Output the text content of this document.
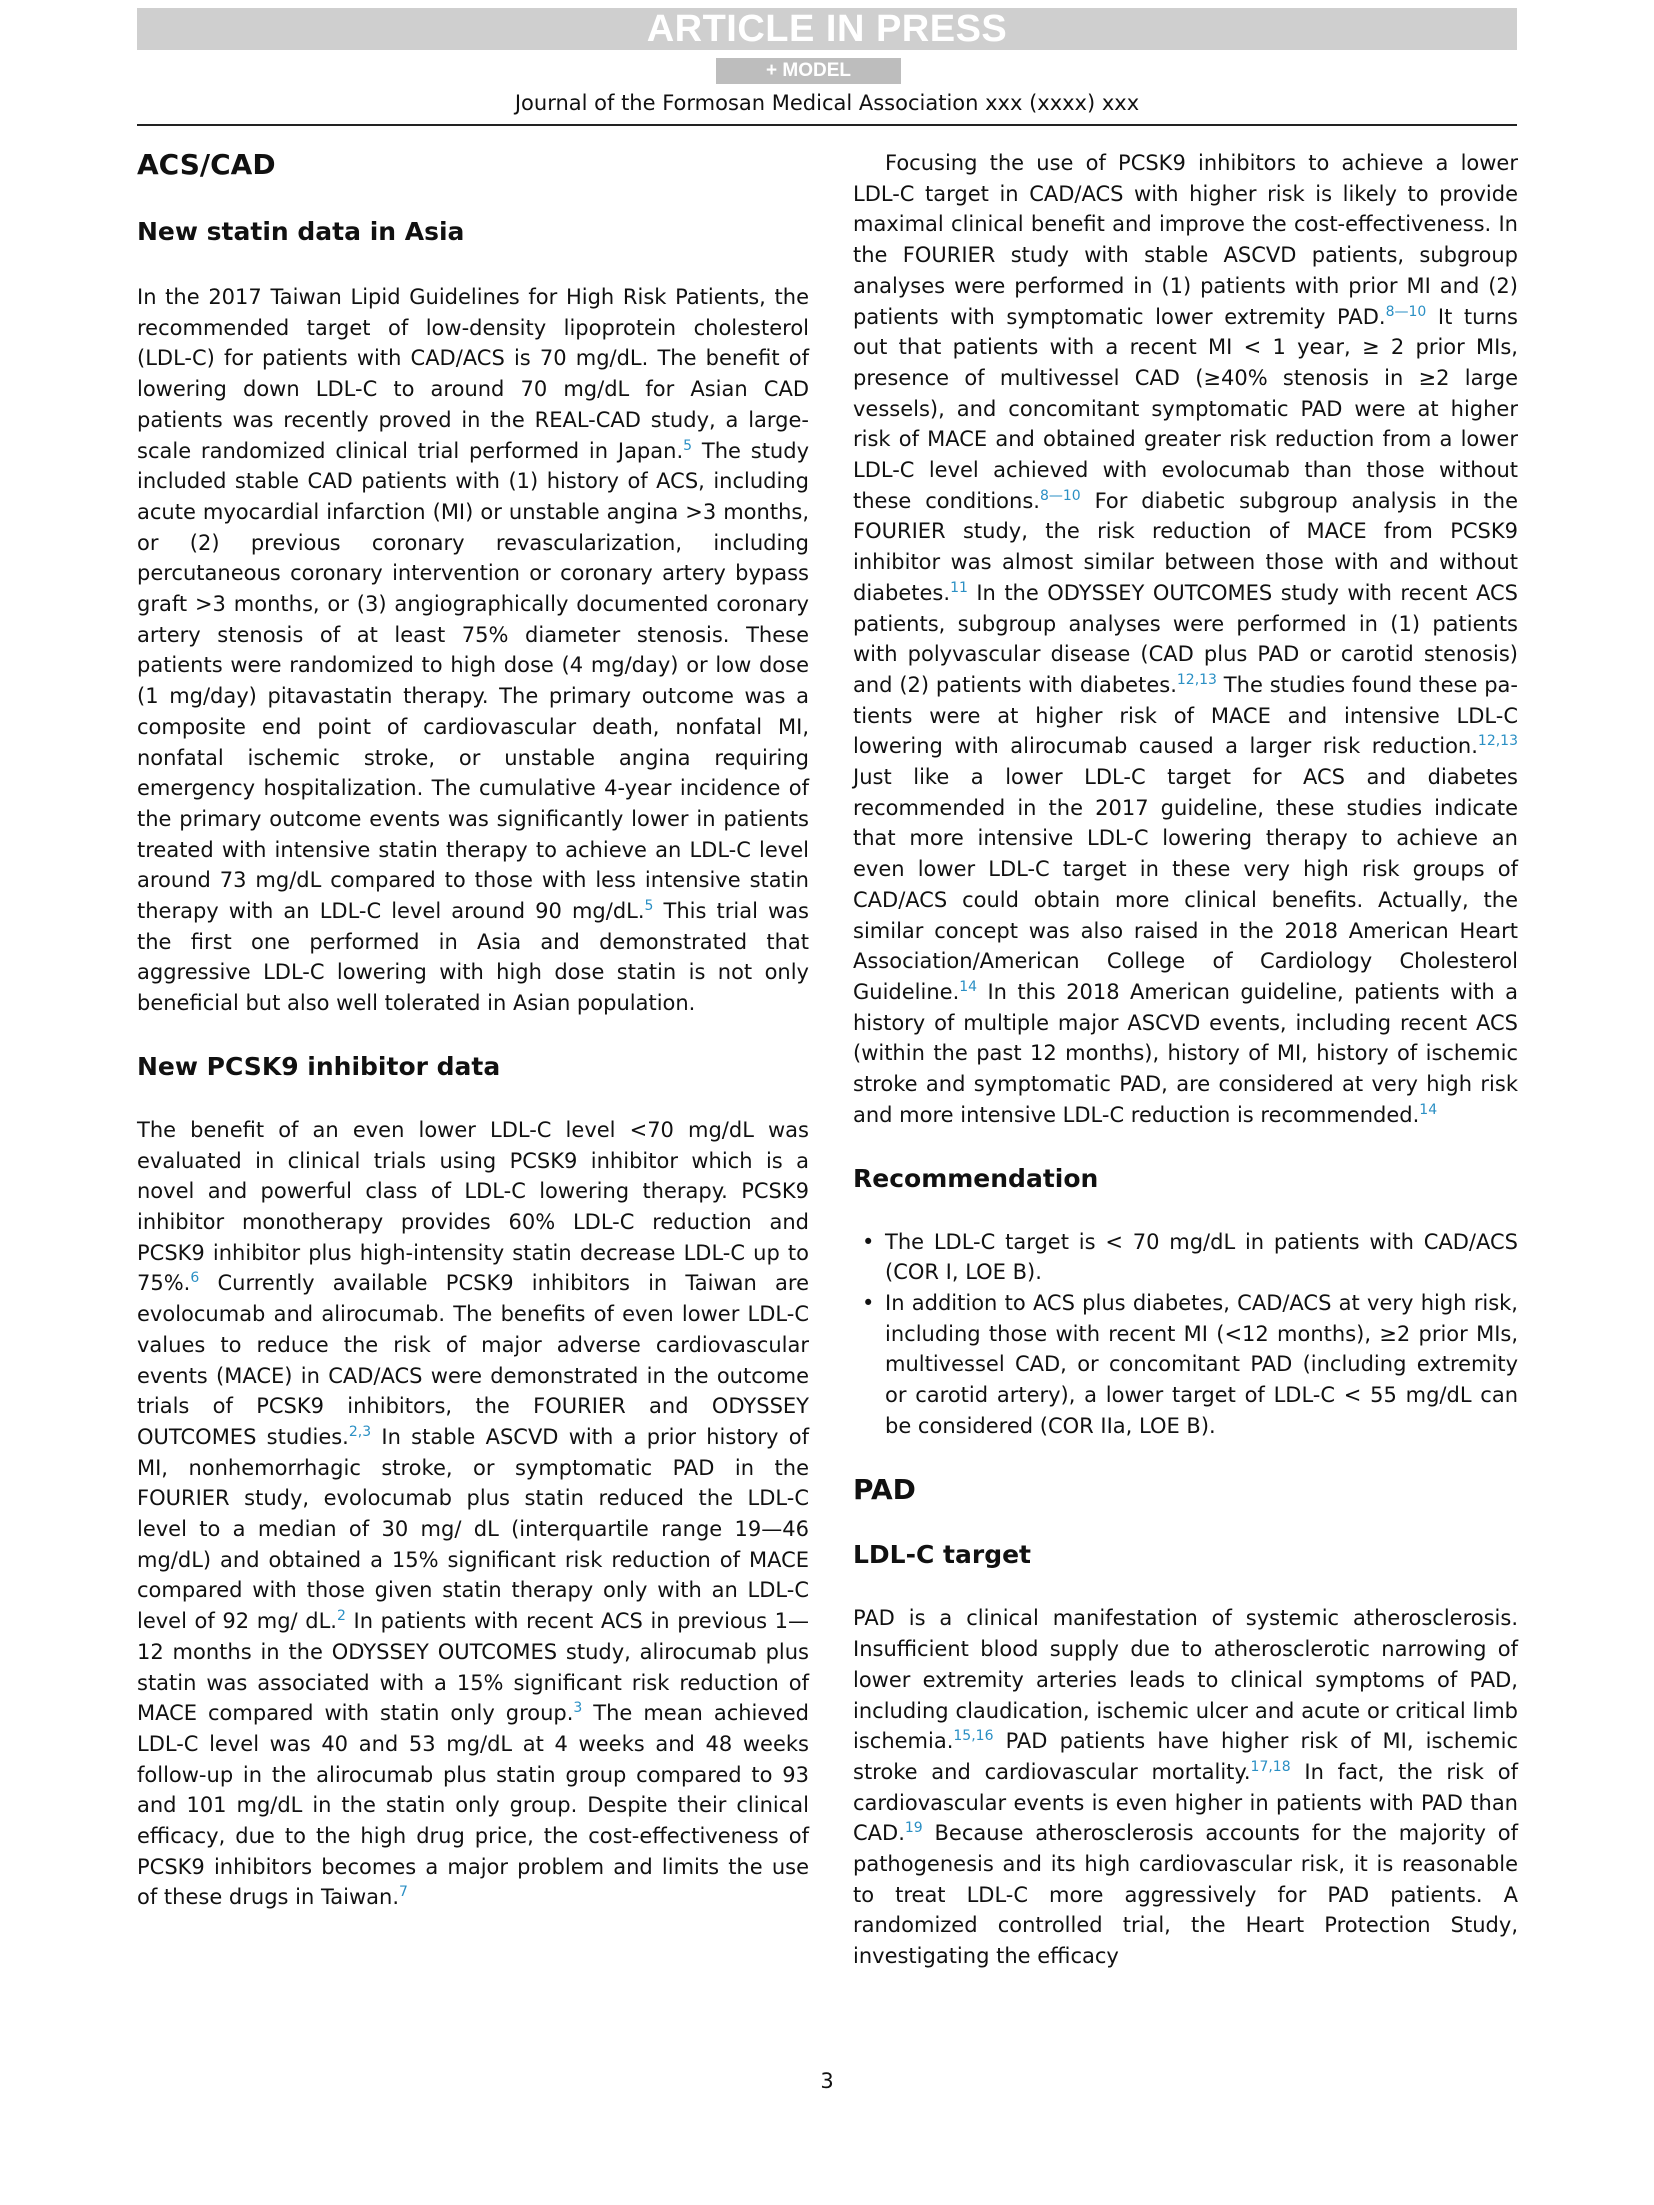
ARTICLE IN PRESS
+ MODEL
Journal of the Formosan Medical Association xxx (xxxx) xxx
ACS/CAD
New statin data in Asia

In the 2017 Taiwan Lipid Guidelines for High Risk Patients, the recommended target of low-density lipoprotein cholesterol (LDL-C) for patients with CAD/ACS is 70 mg/dL. The benefit of lowering down LDL-C to around 70 mg/dL for Asian CAD patients was recently proved in the REAL-CAD study, a large-scale randomized clinical trial performed in Japan.$^5$ The study included stable CAD patients with (1) history of ACS, including acute myocardial infarction (MI) or unstable angina >3 months, or (2) previous coronary revascularization, including percutaneous coronary intervention or coronary artery bypass graft >3 months, or (3) angiographically documented coronary artery stenosis of at least 75% diameter stenosis. These patients were randomized to high dose (4 mg/day) or low dose (1 mg/day) pitavastatin therapy. The primary outcome was a composite end point of cardiovascular death, nonfatal MI, nonfatal ischemic stroke, or unstable angina requiring emergency hospitalization. The cumulative 4-year incidence of the primary outcome events was significantly lower in patients treated with intensive statin therapy to achieve an LDL-C level around 73 mg/dL compared to those with less intensive statin therapy with an LDL-C level around 90 mg/dL.$^5$ This trial was the first one performed in Asia and demonstrated that aggressive LDL-C lowering with high dose statin is not only beneficial but also well tolerated in Asian population.

New PCSK9 inhibitor data

The benefit of an even lower LDL-C level <70 mg/dL was evaluated in clinical trials using PCSK9 inhibitor which is a novel and powerful class of LDL-C lowering therapy. PCSK9 inhibitor monotherapy provides 60% LDL-C reduction and PCSK9 inhibitor plus high-intensity statin decrease LDL-C up to 75%.$^6$ Currently available PCSK9 inhibitors in Taiwan are evolocumab and alirocumab. The benefits of even lower LDL-C values to reduce the risk of major adverse cardiovascular events (MACE) in CAD/ACS were demonstrated in the outcome trials of PCSK9 inhibitors, the FOURIER and ODYSSEY OUTCOMES studies.$^{2,3}$ In stable ASCVD with a prior history of MI, nonhemorrhagic stroke, or symptomatic PAD in the FOURIER study, evolocumab plus statin reduced the LDL-C level to a median of 30 mg/ dL (interquartile range 19—46 mg/dL) and obtained a 15% significant risk reduction of MACE compared with those given statin therapy only with an LDL-C level of 92 mg/ dL.$^2$ In patients with recent ACS in previous 1—12 months in the ODYSSEY OUTCOMES study, alirocumab plus statin was associated with a 15% significant risk reduction of MACE compared with statin only group.$^3$ The mean achieved LDL-C level was 40 and 53 mg/dL at 4 weeks and 48 weeks follow-up in the alirocumab plus statin group compared to 93 and 101 mg/dL in the statin only group. Despite their clinical efficacy, due to the high drug price, the cost-effectiveness of PCSK9 inhibitors becomes a major problem and limits the use of these drugs in Taiwan.$^7$

Focusing the use of PCSK9 inhibitors to achieve a lower LDL-C target in CAD/ACS with higher risk is likely to provide maximal clinical benefit and improve the cost-effectiveness. In the FOURIER study with stable ASCVD patients, subgroup analyses were performed in (1) patients with prior MI and (2) patients with symptomatic lower extremity PAD.$^{8—10}$ It turns out that patients with a recent MI < 1 year, ≥ 2 prior MIs, presence of multivessel CAD (≥40% stenosis in ≥2 large vessels), and concomitant symptomatic PAD were at higher risk of MACE and obtained greater risk reduction from a lower LDL-C level achieved with evolocumab than those without these conditions.$^{8—10}$ For diabetic subgroup analysis in the FOURIER study, the risk reduction of MACE from PCSK9 inhibitor was almost similar between those with and without diabetes.$^{11}$ In the ODYSSEY OUTCOMES study with recent ACS patients, subgroup analyses were performed in (1) patients with polyvascular disease (CAD plus PAD or carotid stenosis) and (2) patients with diabetes.$^{12,13}$ The studies found these patients were at higher risk of MACE and intensive LDL-C lowering with alirocumab caused a larger risk reduction.$^{12,13}$ Just like a lower LDL-C target for ACS and diabetes recommended in the 2017 guideline, these studies indicate that more intensive LDL-C lowering therapy to achieve an even lower LDL-C target in these very high risk groups of CAD/ACS could obtain more clinical benefits. Actually, the similar concept was also raised in the 2018 American Heart Association/American College of Cardiology Cholesterol Guideline.$^{14}$ In this 2018 American guideline, patients with a history of multiple major ASCVD events, including recent ACS (within the past 12 months), history of MI, history of ischemic stroke and symptomatic PAD, are considered at very high risk and more intensive LDL-C reduction is recommended.$^{14}$

Recommendation
• The LDL-C target is < 70 mg/dL in patients with CAD/ACS (COR I, LOE B).
• In addition to ACS plus diabetes, CAD/ACS at very high risk, including those with recent MI (<12 months), ≥2 prior MIs, multivessel CAD, or concomitant PAD (including extremity or carotid artery), a lower target of LDL-C < 55 mg/dL can be considered (COR IIa, LOE B).
PAD
LDL-C target

PAD is a clinical manifestation of systemic atherosclerosis. Insufficient blood supply due to atherosclerotic narrowing of lower extremity arteries leads to clinical symptoms of PAD, including claudication, ischemic ulcer and acute or critical limb ischemia.$^{15,16}$ PAD patients have higher risk of MI, ischemic stroke and cardiovascular mortality.$^{17,18}$ In fact, the risk of cardiovascular events is even higher in patients with PAD than CAD.$^{19}$ Because atherosclerosis accounts for the majority of pathogenesis and its high cardiovascular risk, it is reasonable to treat LDL-C more aggressively for PAD patients. A randomized controlled trial, the Heart Protection Study, investigating the efficacy

3
